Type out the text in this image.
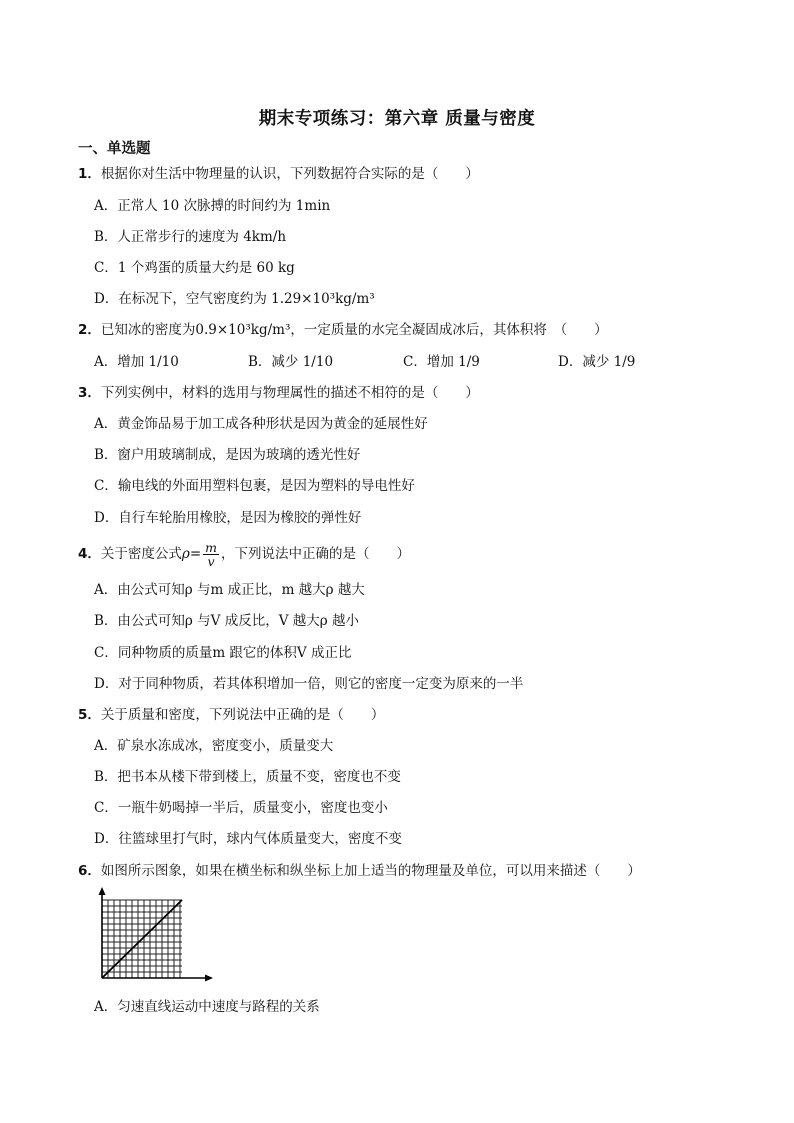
期末专项练习：第六章 质量与密度
一、单选题
1．根据你对生活中物理量的认识，下列数据符合实际的是（　　）
A．正常人 10 次脉搏的时间约为 1min
B．人正常步行的速度为 4km/h
C．1 个鸡蛋的质量大约是 60 kg
D．在标况下，空气密度约为 1.29×10³kg/m³
2．已知冰的密度为0.9×10³kg/m³，一定质量的水完全凝固成冰后，其体积将　（　　）
A．增加 1/10	B．减少 1/10	C．增加 1/9	D．减少 1/9
3．下列实例中，材料的选用与物理属性的描述不相符的是（　　）
A．黄金饰品易于加工成各种形状是因为黄金的延展性好
B．窗户用玻璃制成，是因为玻璃的透光性好
C．输电线的外面用塑料包裹，是因为塑料的导电性好
D．自行车轮胎用橡胶，是因为橡胶的弹性好
4．关于密度公式$\rho= \frac{m}{v}$ ，下列说法中正确的是（　　）
A．由公式可知ρ 与m 成正比，m 越大ρ 越大
B．由公式可知ρ 与V 成反比，V 越大ρ 越小
C．同种物质的质量m 跟它的体积V 成正比
D．对于同种物质，若其体积增加一倍，则它的密度一定变为原来的一半
5．关于质量和密度，下列说法中正确的是（　　）
A．矿泉水冻成冰，密度变小，质量变大
B．把书本从楼下带到楼上，质量不变，密度也不变
C．一瓶牛奶喝掉一半后，质量变小，密度也变小
D．往篮球里打气时，球内气体质量变大，密度不变
6．如图所示图象，如果在横坐标和纵坐标上加上适当的物理量及单位，可以用来描述（　　）
A．匀速直线运动中速度与路程的关系
